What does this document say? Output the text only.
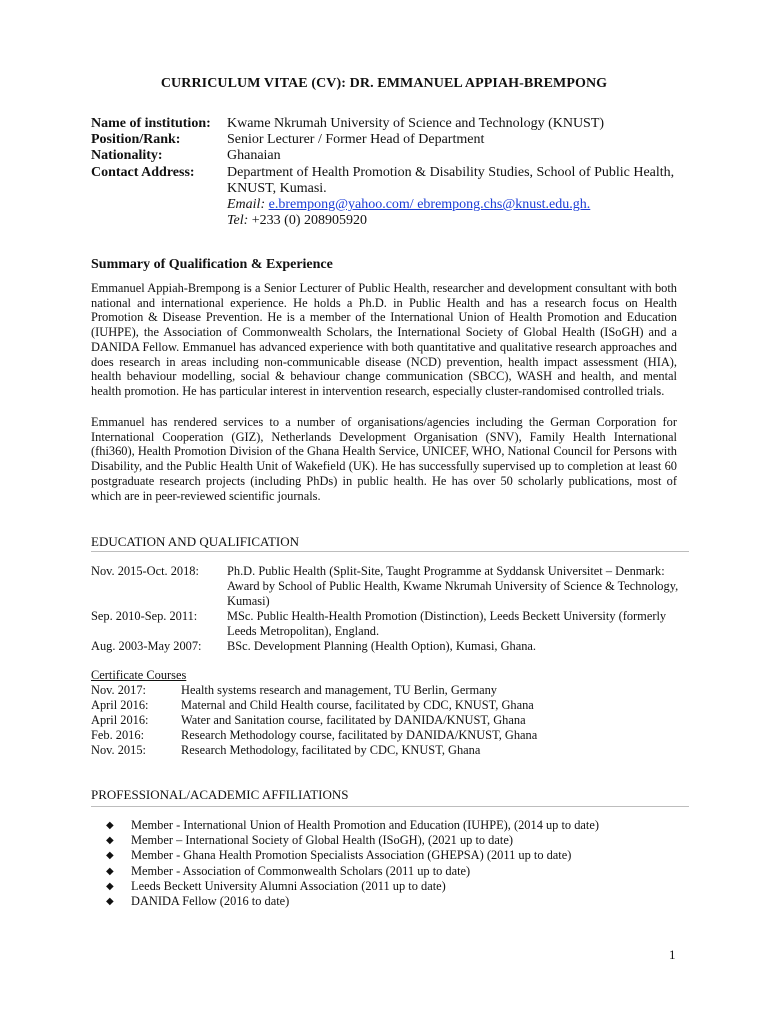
CURRICULUM VITAE (CV): DR. EMMANUEL APPIAH-BREMPONG
Name of institution:	Kwame Nkrumah University of Science and Technology (KNUST)
Position/Rank:	Senior Lecturer / Former Head of Department
Nationality:	Ghanaian
Contact Address:	Department of Health Promotion & Disability Studies, School of Public Health,
KNUST, Kumasi.
Email: e.brempong@yahoo.com/ ebrempong.chs@knust.edu.gh.
Tel: +233 (0) 208905920
Summary of Qualification & Experience
Emmanuel Appiah-Brempong is a Senior Lecturer of Public Health, researcher and development consultant with both national and international experience. He holds a Ph.D. in Public Health and has a research focus on Health Promotion & Disease Prevention. He is a member of the International Union of Health Promotion and Education (IUHPE), the Association of Commonwealth Scholars, the International Society of Global Health (ISoGH) and a DANIDA Fellow. Emmanuel has advanced experience with both quantitative and qualitative research approaches and does research in areas including non-communicable disease (NCD) prevention, health impact assessment (HIA), health behaviour modelling, social & behaviour change communication (SBCC), WASH and health, and mental health promotion. He has particular interest in intervention research, especially cluster-randomised controlled trials.
Emmanuel has rendered services to a number of organisations/agencies including the German Corporation for International Cooperation (GIZ), Netherlands Development Organisation (SNV), Family Health International (fhi360), Health Promotion Division of the Ghana Health Service, UNICEF, WHO, National Council for Persons with Disability, and the Public Health Unit of Wakefield (UK). He has successfully supervised up to completion at least 60 postgraduate research projects (including PhDs) in public health. He has over 50 scholarly publications, most of which are in peer-reviewed scientific journals.
EDUCATION AND QUALIFICATION
Nov. 2015-Oct. 2018:	Ph.D. Public Health (Split-Site, Taught Programme at Syddansk Universitet – Denmark: Award by School of Public Health, Kwame Nkrumah University of Science & Technology, Kumasi)
Sep. 2010-Sep. 2011:	MSc. Public Health-Health Promotion (Distinction), Leeds Beckett University (formerly Leeds Metropolitan), England.
Aug. 2003-May 2007:	BSc. Development Planning (Health Option), Kumasi, Ghana.
Certificate Courses
Nov. 2017:	Health systems research and management, TU Berlin, Germany
April 2016:	Maternal and Child Health course, facilitated by CDC, KNUST, Ghana
April 2016:	Water and Sanitation course, facilitated by DANIDA/KNUST, Ghana
Feb. 2016:	Research Methodology course, facilitated by DANIDA/KNUST, Ghana
Nov. 2015:	Research Methodology, facilitated by CDC, KNUST, Ghana
PROFESSIONAL/ACADEMIC AFFILIATIONS
◆	Member - International Union of Health Promotion and Education (IUHPE), (2014 up to date)
◆	Member – International Society of Global Health (ISoGH), (2021 up to date)
◆	Member - Ghana Health Promotion Specialists Association (GHEPSA) (2011 up to date)
◆	Member - Association of Commonwealth Scholars (2011 up to date)
◆	Leeds Beckett University Alumni Association (2011 up to date)
◆	DANIDA Fellow (2016 to date)
1
